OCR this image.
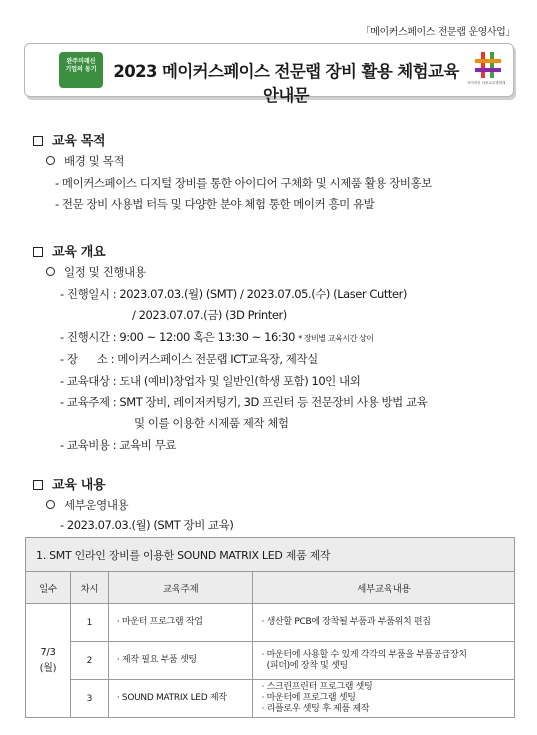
「메이커스페이스 전문랩 운영사업」
완주미래신
기업의 동기	2023 메이커스페이스 전문랩 장비 활용 체험교육 안내문
지역혁신 다중교류생태계
교육 목적
배경 및 목적
- 메이커스페이스 디지털 장비를 통한 아이디어 구체화 및 시제품 활용 장비홍보
- 전문 장비 사용법 터득 및 다양한 분야 체험 통한 메이커 흥미 유발
교육 개요
일정 및 진행내용
- 진행일시 : 2023.07.03.(월) (SMT) / 2023.07.05.(수) (Laser Cutter)
/ 2023.07.07.(금) (3D Printer)
- 진행시간 : 9:00 ~ 12:00 혹은 13:30 ~ 16:30 * 장비별 교육시간 상이
- 장      소 : 메이커스페이스 전문랩 ICT교육장, 제작실
- 교육대상 : 도내 (예비)창업자 및 일반인(학생 포함) 10인 내외
- 교육주제 : SMT 장비, 레이저커팅기, 3D 프린터 등 전문장비 사용 방법 교육
및 이를 이용한 시제품 제작 체험
- 교육비용 : 교육비 무료
교육 내용
세부운영내용
- 2023.07.03.(월) (SMT 장비 교육)
1. SMT 인라인 장비를 이용한 SOUND MATRIX LED 제품 제작			
일수	차시	교육주제	세부교육내용

7/3
(월)	1	· 마운터 프로그램 작업	· 생산할 PCB에 장착될 부품과 부품위치 편집

	2	· 제작 필요 부품 셋팅	· 마운터에 사용할 수 있게 각각의 부품을 부품공급장치
(피더)에 장착 및 셋팅

	3	· SOUND MATRIX LED 제작	· 스크린프린터 프로그램 셋팅
· 마운터에 프로그램 셋팅
· 리플로우 셋팅 후 제품 제작
